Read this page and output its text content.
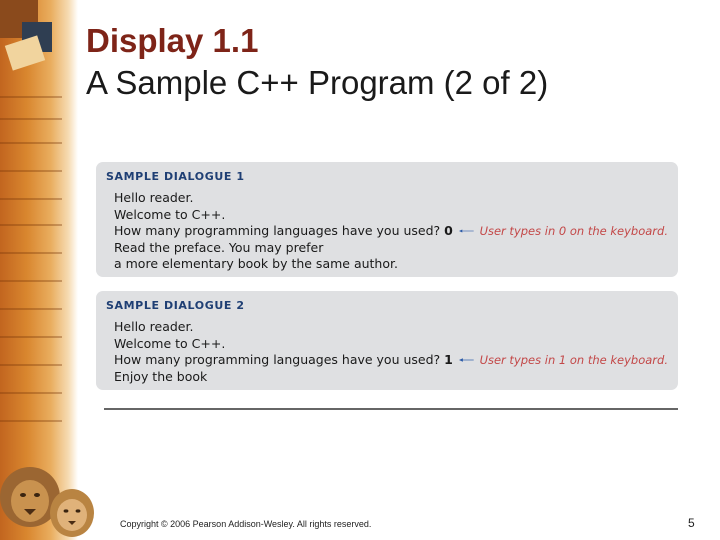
Display 1.1
A Sample C++ Program (2 of 2)
SAMPLE DIALOGUE 1
Hello reader.
Welcome to C++.
How many programming languages have you used? 0 User types in 0 on the keyboard.
Read the preface. You may prefer
a more elementary book by the same author.
SAMPLE DIALOGUE 2
Hello reader.
Welcome to C++.
How many programming languages have you used? 1 User types in 1 on the keyboard.
Enjoy the book
Copyright © 2006 Pearson Addison-Wesley. All rights reserved.	5
